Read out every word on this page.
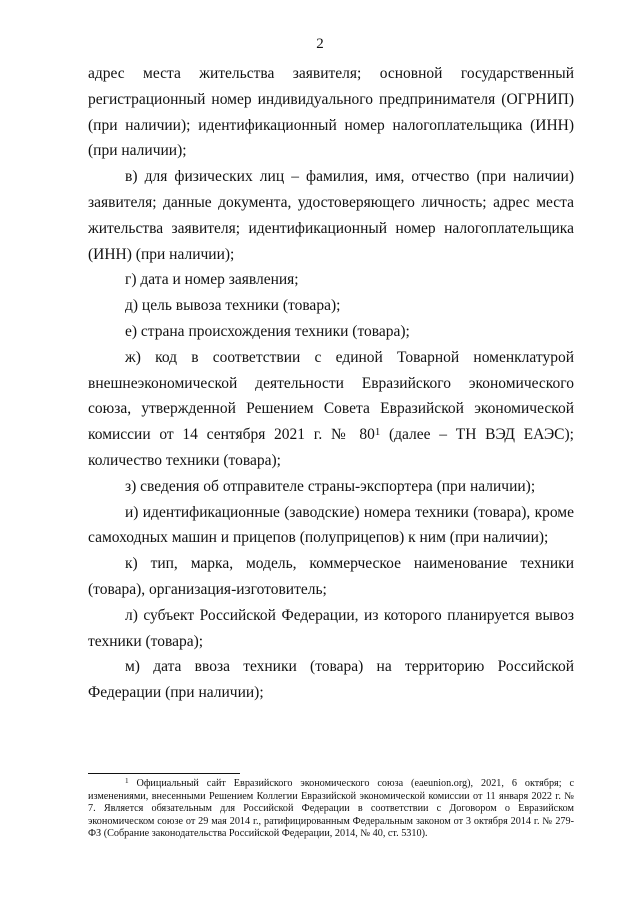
2

адрес места жительства заявителя; основной государственный регистрационный номер индивидуального предпринимателя (ОГРНИП) (при наличии); идентификационный номер налогоплательщика (ИНН) (при наличии);

в) для физических лиц – фамилия, имя, отчество (при наличии) заявителя; данные документа, удостоверяющего личность; адрес места жительства заявителя; идентификационный номер налогоплательщика (ИНН) (при наличии);

г) дата и номер заявления;

д) цель вывоза техники (товара);

е) страна происхождения техники (товара);

ж) код в соответствии с единой Товарной номенклатурой внешнеэкономической деятельности Евразийского экономического союза, утвержденной Решением Совета Евразийской экономической комиссии от 14 сентября 2021 г. № $80^1$ (далее – ТН ВЭД ЕАЭС); количество техники (товара);

з) сведения об отправителе страны-экспортера (при наличии);

и) идентификационные (заводские) номера техники (товара), кроме самоходных машин и прицепов (полуприцепов) к ним (при наличии);

к) тип, марка, модель, коммерческое наименование техники (товара), организация-изготовитель;

л) субъект Российской Федерации, из которого планируется вывоз техники (товара);

м) дата ввоза техники (товара) на территорию Российской Федерации (при наличии);

$^1$ Официальный сайт Евразийского экономического союза (eaeunion.org), 2021, 6 октября; с изменениями, внесенными Решением Коллегии Евразийской экономической комиссии от 11 января 2022 г. № 7. Является обязательным для Российской Федерации в соответствии с Договором о Евразийском экономическом союзе от 29 мая 2014 г., ратифицированным Федеральным законом от 3 октября 2014 г. № 279-ФЗ (Собрание законодательства Российской Федерации, 2014, № 40, ст. 5310).
